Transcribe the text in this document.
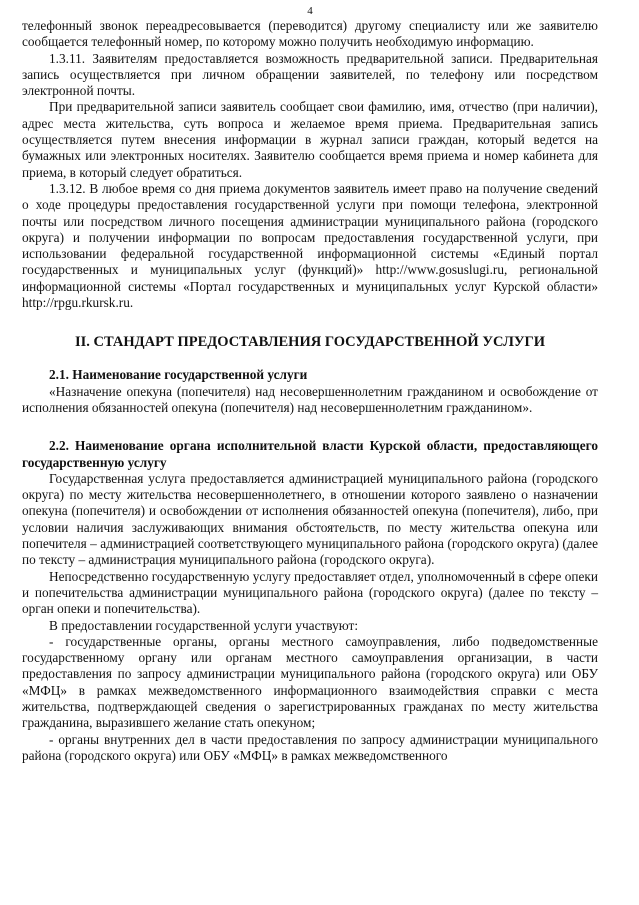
4

телефонный звонок переадресовывается (переводится) другому специалисту или же заявителю сообщается телефонный номер, по которому можно получить необходимую информацию.

1.3.11. Заявителям предоставляется возможность предварительной записи. Предварительная запись осуществляется при личном обращении заявителей, по телефону или посредством электронной почты.

При предварительной записи заявитель сообщает свои фамилию, имя, отчество (при наличии), адрес места жительства, суть вопроса и желаемое время приема. Предварительная запись осуществляется путем внесения информации в журнал записи граждан, который ведется на бумажных или электронных носителях. Заявителю сообщается время приема и номер кабинета для приема, в который следует обратиться.

1.3.12. В любое время со дня приема документов заявитель имеет право на получение сведений о ходе процедуры предоставления государственной услуги при помощи телефона, электронной почты или посредством личного посещения администрации муниципального района (городского округа) и получении информации по вопросам предоставления государственной услуги, при использовании федеральной государственной информационной системы «Единый портал государственных и муниципальных услуг (функций)» http://www.gosuslugi.ru, региональной информационной системы «Портал государственных и муниципальных услуг Курской области» http://rpgu.rkursk.ru.

II. СТАНДАРТ ПРЕДОСТАВЛЕНИЯ ГОСУДАРСТВЕННОЙ УСЛУГИ
2.1. Наименование государственной услуги

«Назначение опекуна (попечителя) над несовершеннолетним гражданином и освобождение от исполнения обязанностей опекуна (попечителя) над несовершеннолетним гражданином».

2.2. Наименование органа исполнительной власти Курской области, предоставляющего государственную услугу

Государственная услуга предоставляется администрацией муниципального района (городского округа) по месту жительства несовершеннолетнего, в отношении которого заявлено о назначении опекуна (попечителя) и освобождении от исполнения обязанностей опекуна (попечителя), либо, при условии наличия заслуживающих внимания обстоятельств, по месту жительства опекуна или попечителя – администрацией соответствующего муниципального района (городского округа) (далее по тексту – администрация муниципального района (городского округа).

Непосредственно государственную услугу предоставляет отдел, уполномоченный в сфере опеки и попечительства администрации муниципального района (городского округа) (далее по тексту – орган опеки и попечительства).

В предоставлении государственной услуги участвуют:

- государственные органы, органы местного самоуправления, либо подведомственные государственному органу или органам местного самоуправления организации, в части предоставления по запросу администрации муниципального района (городского округа) или ОБУ «МФЦ» в рамках межведомственного информационного взаимодействия справки с места жительства, подтверждающей сведения о зарегистрированных гражданах по месту жительства гражданина, выразившего желание стать опекуном;

- органы внутренних дел в части предоставления по запросу администрации муниципального района (городского округа) или ОБУ «МФЦ» в рамках межведомственного
